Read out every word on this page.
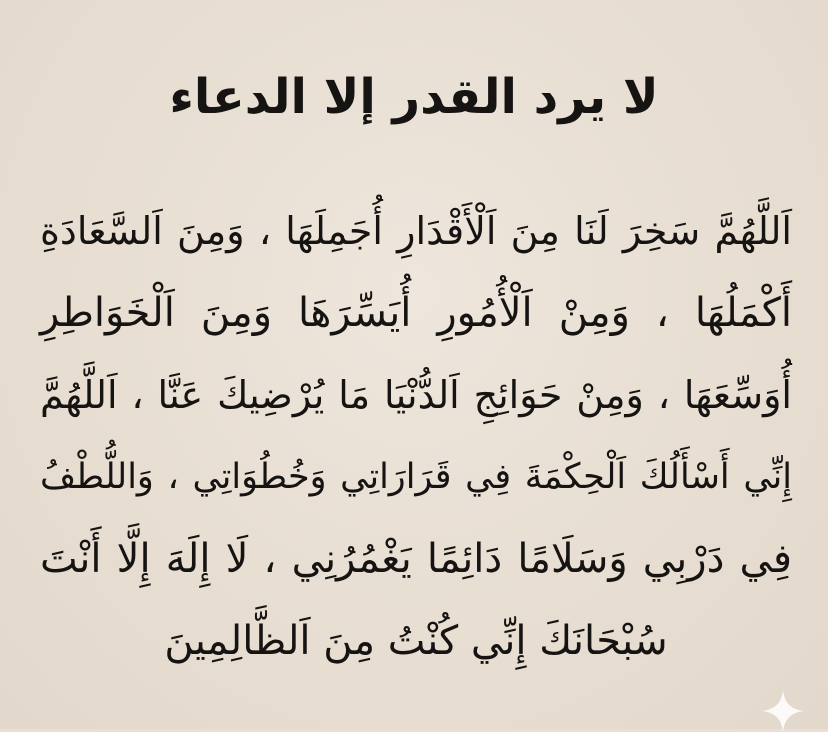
لا يرد القدر إلا الدعاء
اَللَّهُمَّ سَخِرَ لَنَا مِنَ اَلْأَقْدَارِ أُجَمِلَهَا ، وَمِنَ اَلسَّعَادَةِ
أَكْمَلُهَا ، وَمِنْ اَلْأُمُورِ أُيَسِّرَهَا وَمِنَ اَلْخَوَاطِرِ
أُوَسِّعَهَا ، وَمِنْ حَوَائِجِ اَلدُّنْيَا مَا يُرْضِيكَ عَنَّا ، اَللَّهُمَّ
إِنِّي أَسْأَلُكَ اَلْحِكْمَةَ فِي قَرَارَاتِي وَخُطُوَاتِي ، وَاللُّطْفُ
فِي دَرْبِي وَسَلَامًا دَائِمًا يَغْمُرُنِي ، لَا إِلَهَ إِلَّا أَنْتَ
سُبْحَانَكَ إِنِّي كُنْتُ مِنَ اَلظَّالِمِينَ
